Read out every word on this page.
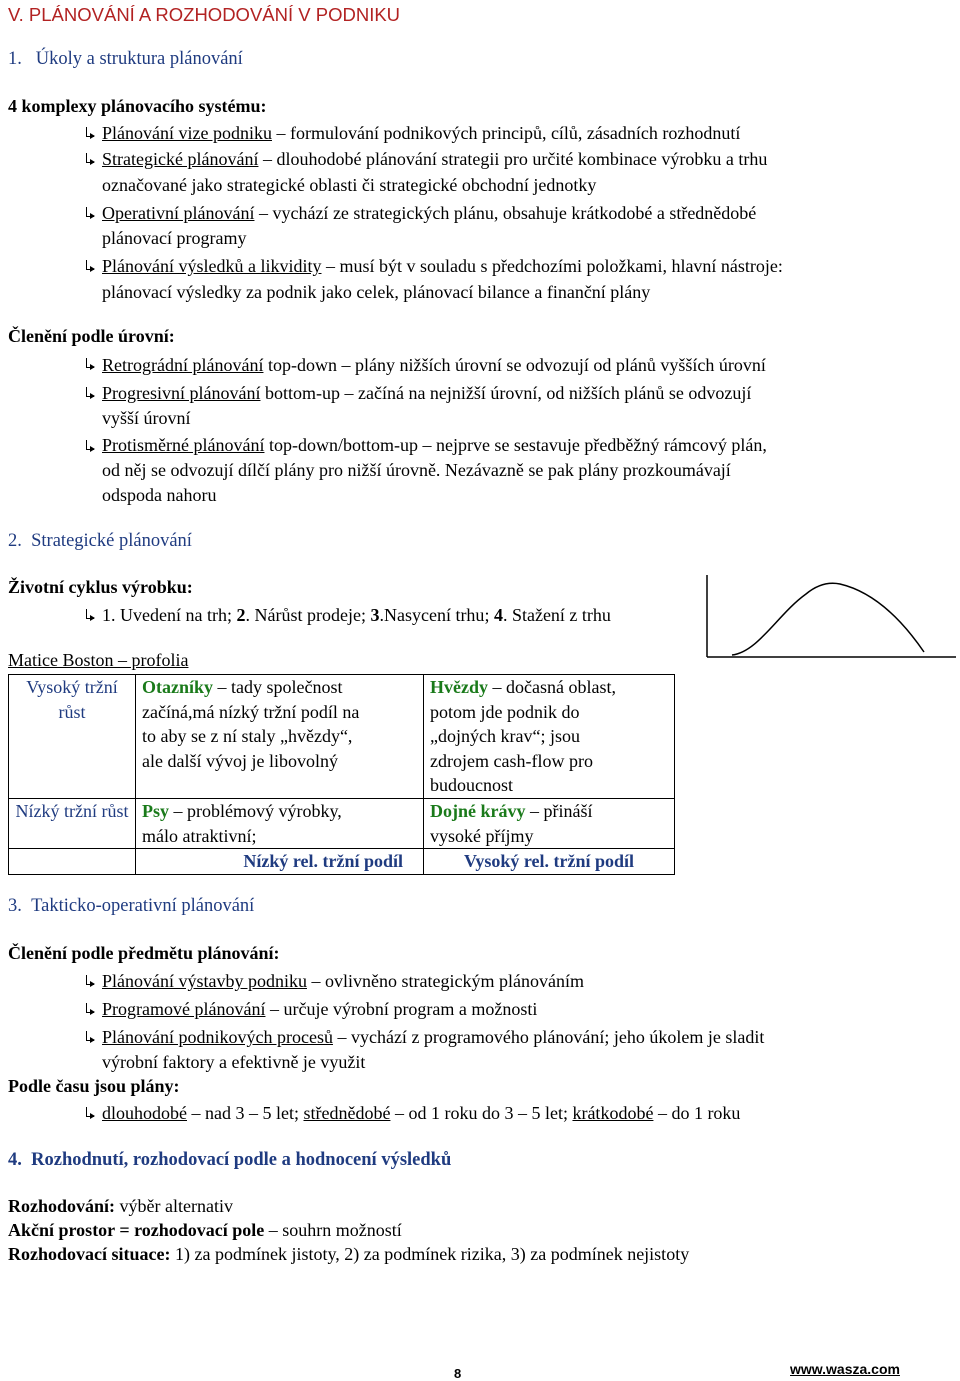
V. PLÁNOVÁNÍ A ROZHODOVÁNÍ V PODNIKU
1. Úkoly a struktura plánování
4 komplexy plánovacího systému:
Plánování vize podniku – formulování podnikových principů, cílů, zásadních rozhodnutí
Strategické plánování – dlouhodobé plánování strategii pro určité kombinace výrobku a trhu
označované jako strategické oblasti či strategické obchodní jednotky
Operativní plánování – vychází ze strategických plánu, obsahuje krátkodobé a střednědobé
plánovací programy
Plánování výsledků a likvidity – musí být v souladu s předchozími položkami, hlavní nástroje:
plánovací výsledky za podnik jako celek, plánovací bilance a finanční plány
Členění podle úrovní:
Retrográdní plánování top-down – plány nižších úrovní se odvozují od plánů vyšších úrovní
Progresivní plánování bottom-up – začíná na nejnižší úrovní, od nižších plánů se odvozují
vyšší úrovní
Protisměrné plánování top-down/bottom-up – nejprve se sestavuje předběžný rámcový plán,
od něj se odvozují dílčí plány pro nižší úrovně. Nezávazně se pak plány prozkoumávají
odspoda nahoru
2. Strategické plánování
Životní cyklus výrobku:
1. Uvedení na trh; 2. Nárůst prodeje; 3.Nasycení trhu; 4. Stažení z trhu
Matice Boston – profolia
Vysoký tržní růst	Otazníky – tady společnost
začíná,má nízký tržní podíl na
to aby se z ní staly „hvězdy“,
ale další vývoj je libovolný	Hvězdy – dočasná oblast,
potom jde podnik do
„dojných krav“; jsou
zdrojem cash-flow pro
budoucnost
Nízký tržní růst	Psy – problémový výrobky,
málo atraktivní;	Dojné krávy – přináší
vysoké příjmy
	Nízký rel. tržní podíl	Vysoký rel. tržní podíl
3. Takticko-operativní plánování
Členění podle předmětu plánování:
Plánování výstavby podniku – ovlivněno strategickým plánováním
Programové plánování – určuje výrobní program a možnosti
Plánování podnikových procesů – vychází z programového plánování; jeho úkolem je sladit
výrobní faktory a efektivně je využit
Podle času jsou plány:
dlouhodobé – nad 3 – 5 let; střednědobé – od 1 roku do 3 – 5 let; krátkodobé – do 1 roku
4. Rozhodnutí, rozhodovací podle a hodnocení výsledků
Rozhodování: výběr alternativ
Akční prostor = rozhodovací pole – souhrn možností
Rozhodovací situace: 1) za podmínek jistoty, 2) za podmínek rizika, 3) za podmínek nejistoty
8	www.wasza.com
